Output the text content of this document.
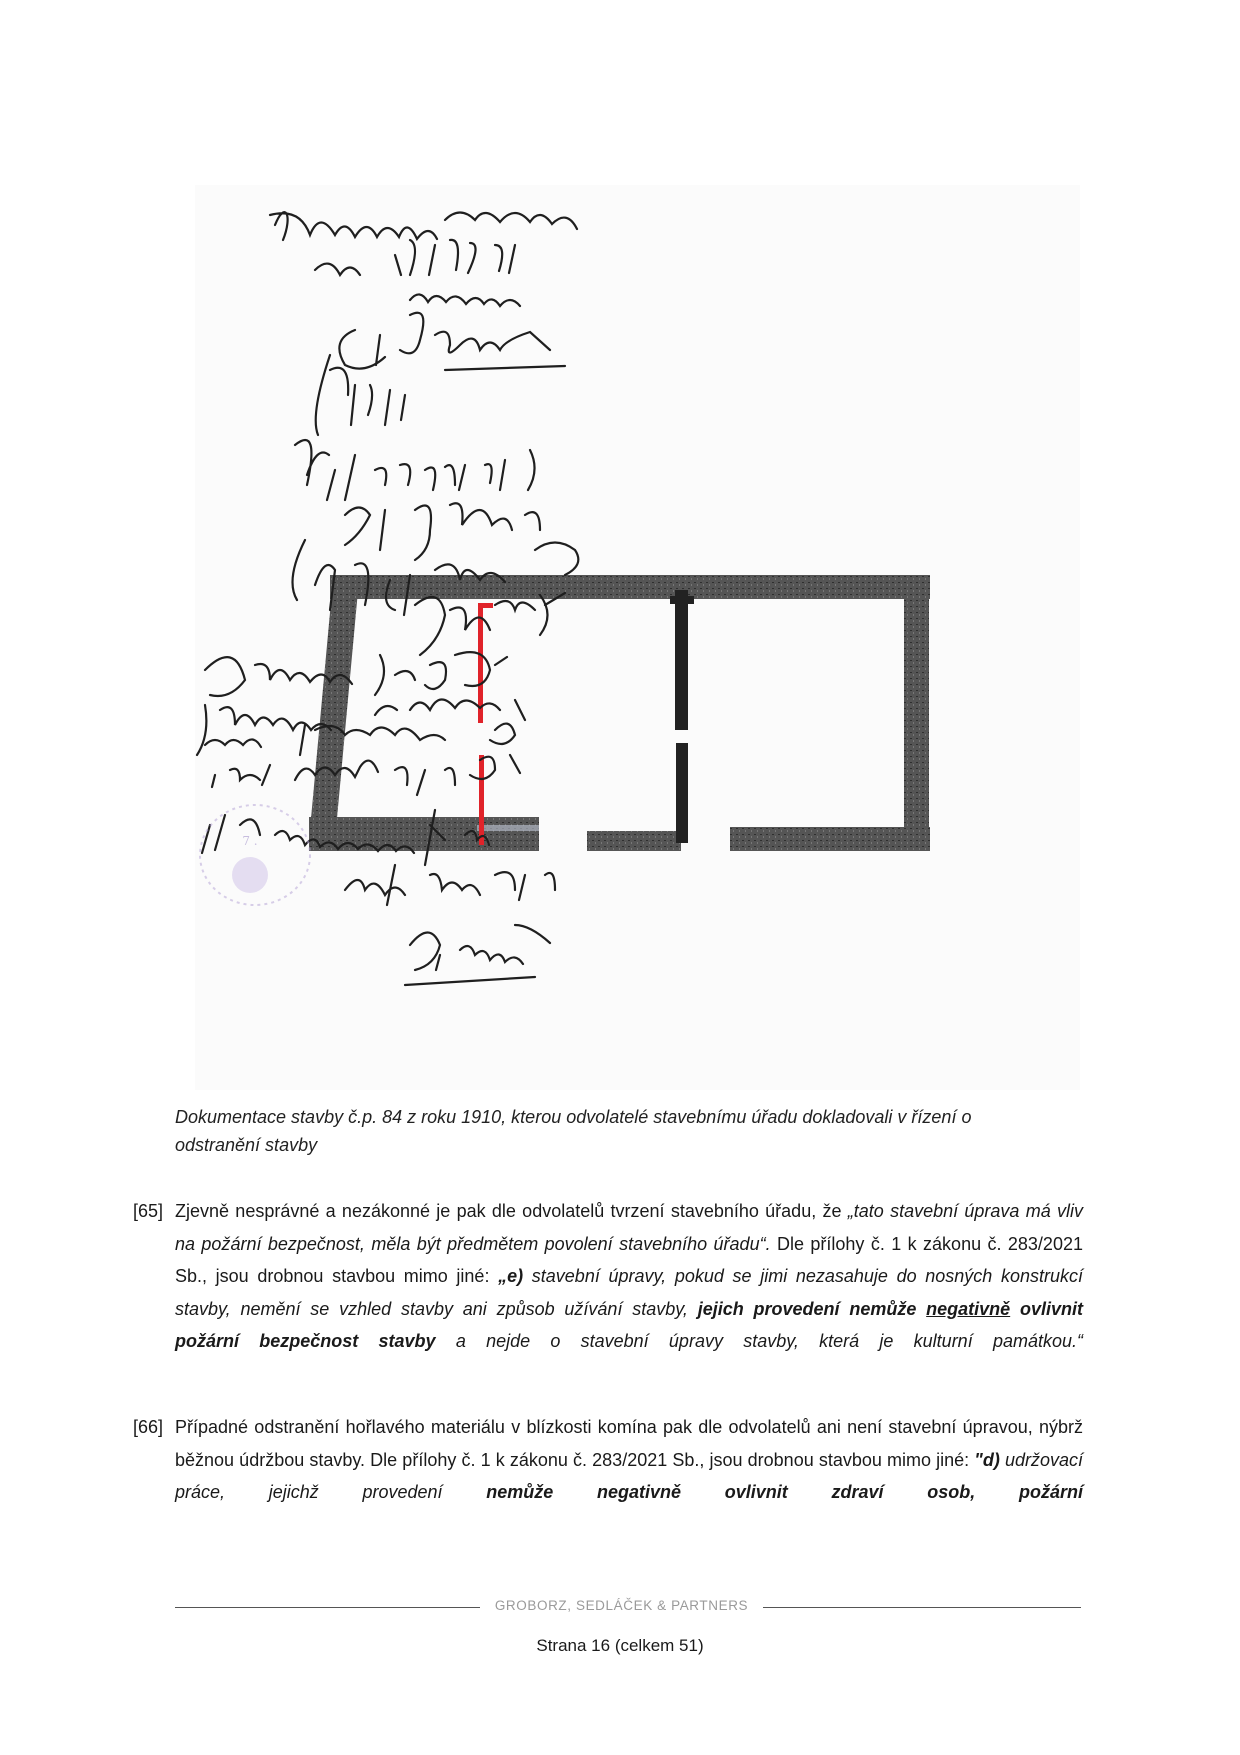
7 .
Dokumentace stavby č.p. 84 z roku 1910, kterou odvolatelé stavebnímu úřadu dokladovali v řízení o
odstranění stavby
[65] Zjevně nesprávné a nezákonné je pak dle odvolatelů tvrzení stavebního úřadu, že „tato stavební úprava má vliv na požární bezpečnost, měla být předmětem povolení stavebního úřadu“. Dle přílohy č. 1 k zákonu č. 283/2021 Sb., jsou drobnou stavbou mimo jiné: „e) stavební úpravy, pokud se jimi nezasahuje do nosných konstrukcí stavby, nemění se vzhled stavby ani způsob užívání stavby, jejich provedení nemůže negativně ovlivnit požární bezpečnost stavby a nejde o stavební úpravy stavby, která je kulturní památkou.“
[66] Případné odstranění hořlavého materiálu v blízkosti komína pak dle odvolatelů ani není stavební úpravou, nýbrž běžnou údržbou stavby. Dle přílohy č. 1 k zákonu č. 283/2021 Sb., jsou drobnou stavbou mimo jiné: "d) udržovací práce, jejichž provedení nemůže negativně ovlivnit zdraví osob, požární
GROBORZ, SEDLÁČEK & PARTNERS
Strana 16 (celkem 51)
